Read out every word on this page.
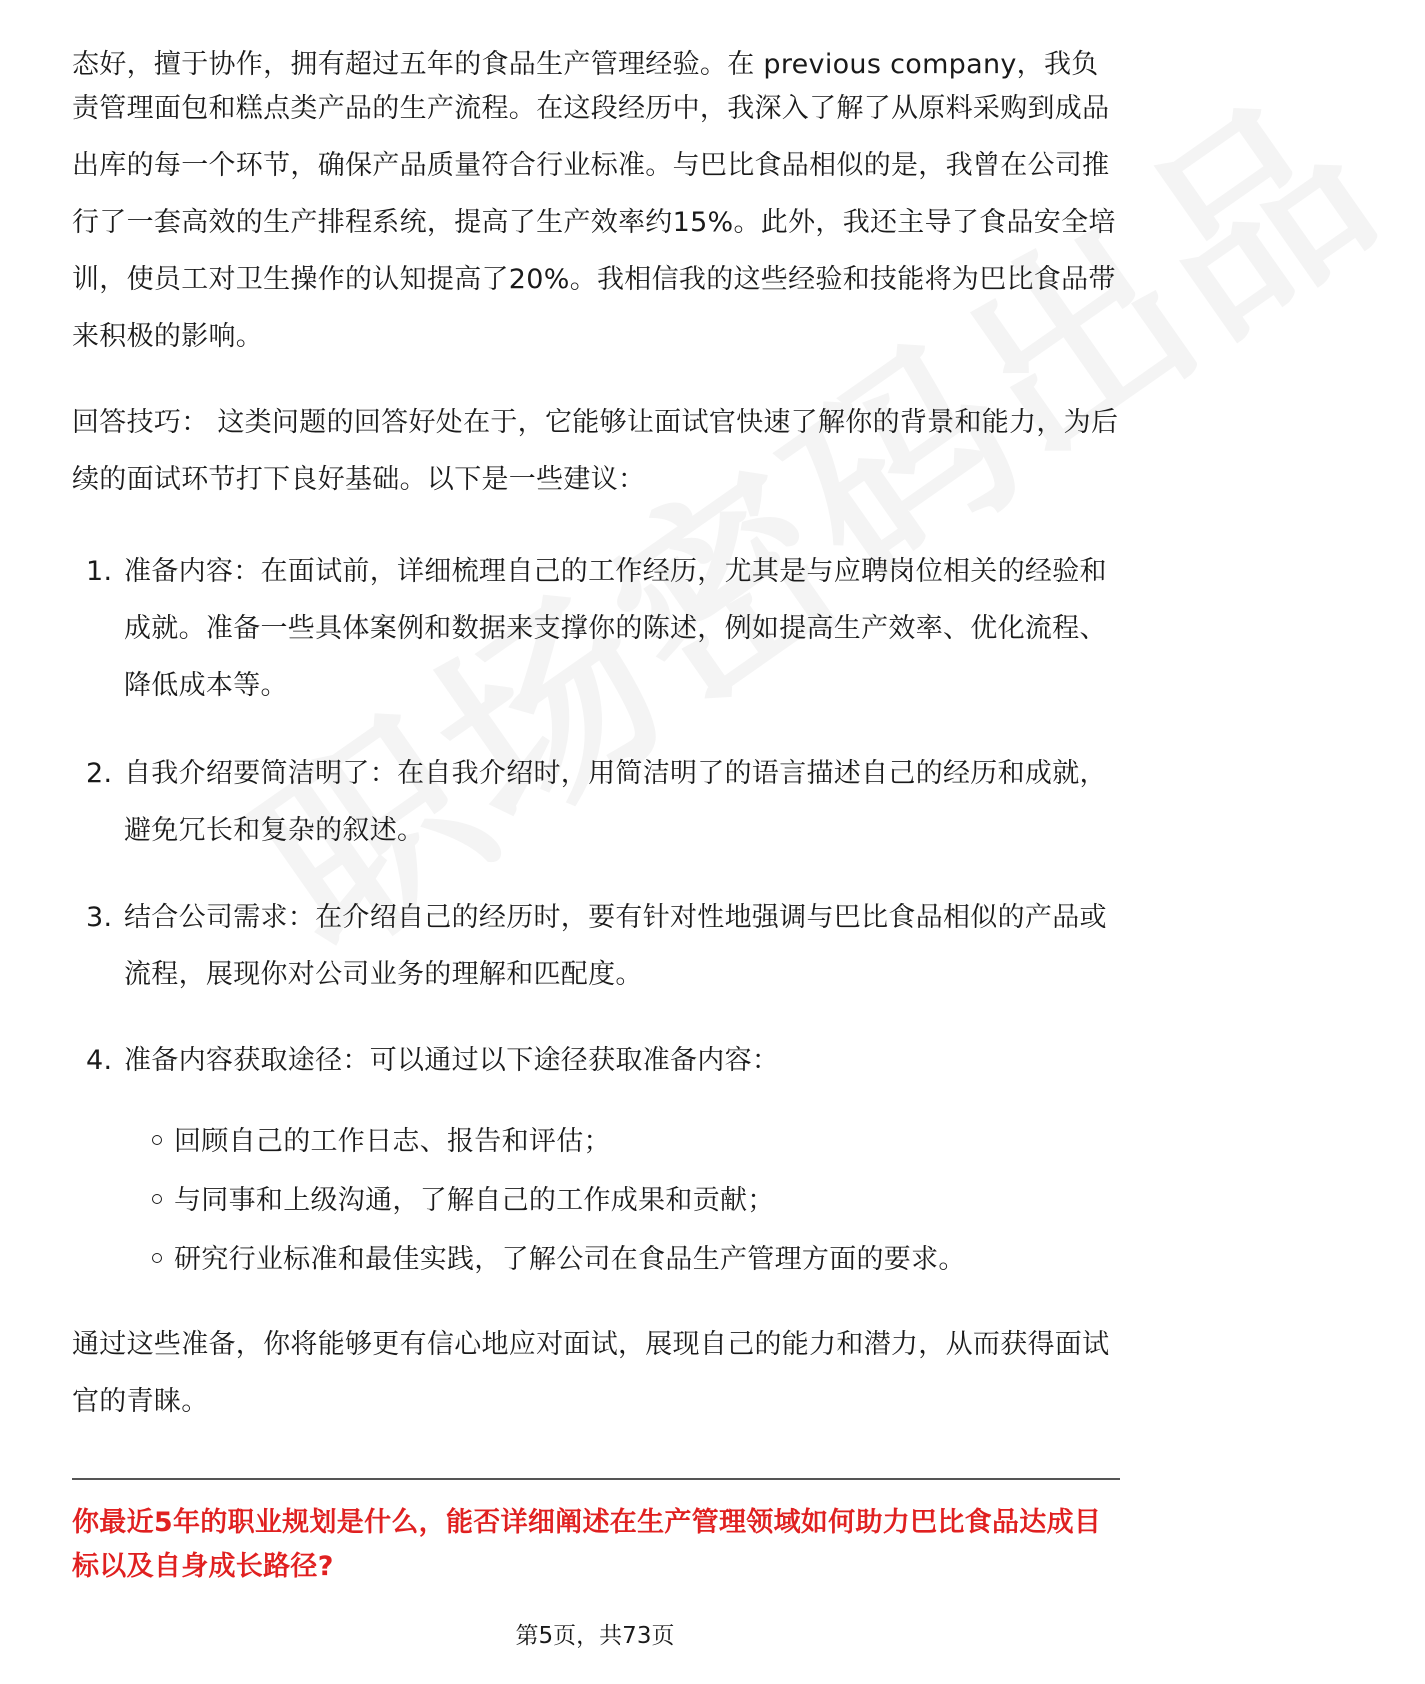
态好，擅于协作，拥有超过五年的食品生产管理经验。在 previous company，我负

责管理面包和糕点类产品的生产流程。在这段经历中，我深入了解了从原料采购到成品出库的每一个环节，确保产品质量符合行业标准。与巴比食品相似的是，我曾在公司推行了一套高效的生产排程系统，提高了生产效率约15%。此外，我还主导了食品安全培训，使员工对卫生操作的认知提高了20%。我相信我的这些经验和技能将为巴比食品带来积极的影响。

回答技巧： 这类问题的回答好处在于，它能够让面试官快速了解你的背景和能力，为后续的面试环节打下良好基础。以下是一些建议：

1. 准备内容：在面试前，详细梳理自己的工作经历，尤其是与应聘岗位相关的经验和成就。准备一些具体案例和数据来支撑你的陈述，例如提高生产效率、优化流程、降低成本等。
2. 自我介绍要简洁明了：在自我介绍时，用简洁明了的语言描述自己的经历和成就，避免冗长和复杂的叙述。
3. 结合公司需求：在介绍自己的经历时，要有针对性地强调与巴比食品相似的产品或流程，展现你对公司业务的理解和匹配度。
4. 准备内容获取途径：可以通过以下途径获取准备内容：
回顾自己的工作日志、报告和评估；
与同事和上级沟通，了解自己的工作成果和贡献；
研究行业标准和最佳实践，了解公司在食品生产管理方面的要求。

通过这些准备，你将能够更有信心地应对面试，展现自己的能力和潜力，从而获得面试官的青睐。

你最近5年的职业规划是什么，能否详细阐述在生产管理领域如何助力巴比食品达成目标以及自身成长路径?
第5页，共73页
